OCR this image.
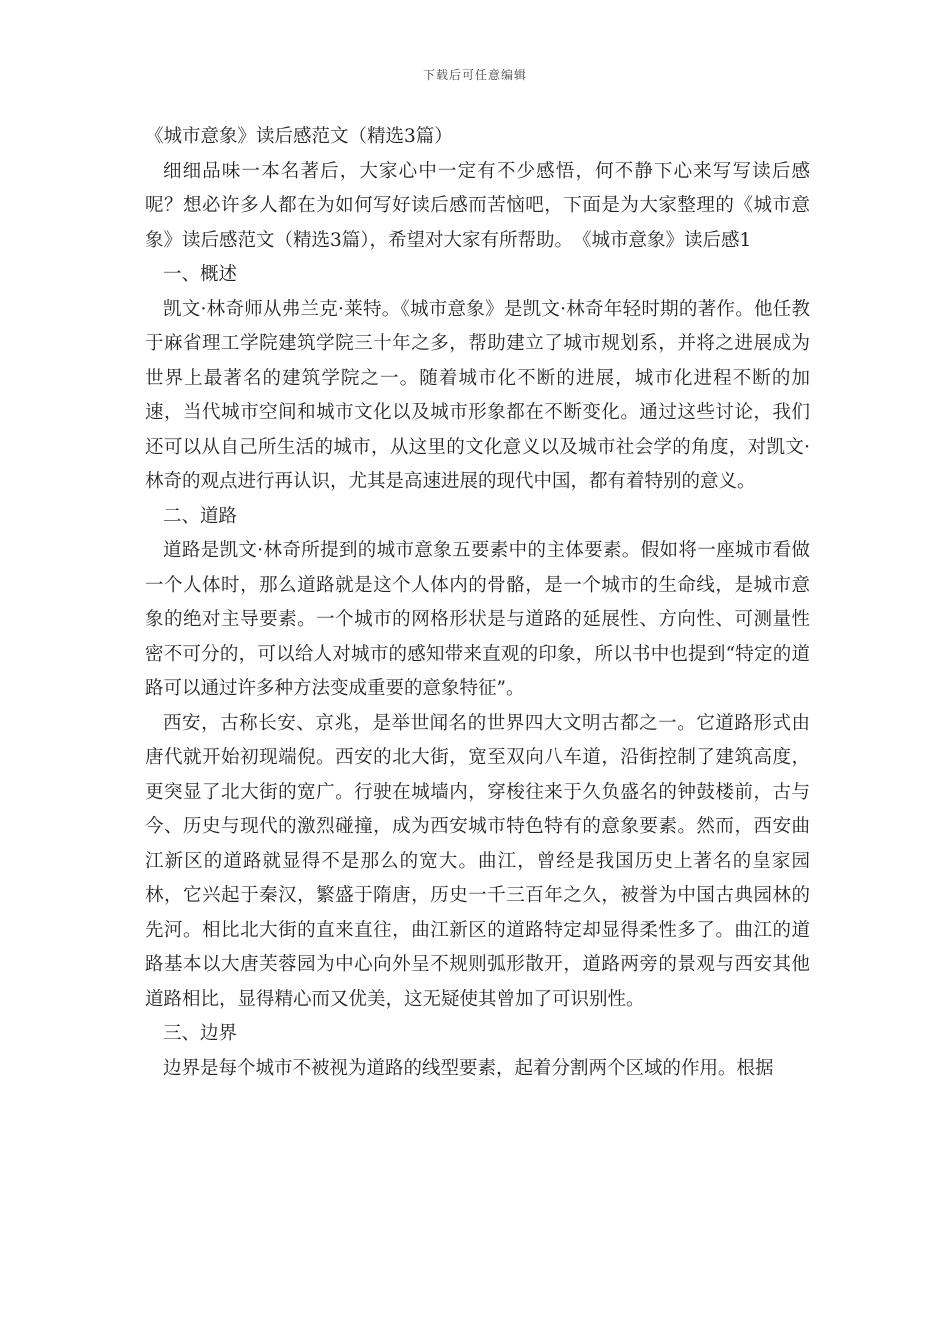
下载后可任意编辑

《城市意象》读后感范文（精选3篇）

细细品味一本名著后，大家心中一定有不少感悟，何不静下心来写写读后感呢？想必许多人都在为如何写好读后感而苦恼吧，下面是为大家整理的《城市意象》读后感范文（精选3篇），希望对大家有所帮助。　《城市意象》读后感1

一、概述

凯文·林奇师从弗兰克·莱特。《城市意象》是凯文·林奇年轻时期的著作。他任教于麻省理工学院建筑学院三十年之多，帮助建立了城市规划系，并将之进展成为世界上最著名的建筑学院之一。随着城市化不断的进展，城市化进程不断的加速，当代城市空间和城市文化以及城市形象都在不断变化。通过这些讨论，我们还可以从自己所生活的城市，从这里的文化意义以及城市社会学的角度，对凯文·林奇的观点进行再认识，尤其是高速进展的现代中国，都有着特别的意义。

二、道路

道路是凯文·林奇所提到的城市意象五要素中的主体要素。假如将一座城市看做一个人体时，那么道路就是这个人体内的骨骼，是一个城市的生命线，是城市意象的绝对主导要素。一个城市的网格形状是与道路的延展性、方向性、可测量性密不可分的，可以给人对城市的感知带来直观的印象，所以书中也提到“特定的道路可以通过许多种方法变成重要的意象特征”。

西安，古称长安、京兆，是举世闻名的世界四大文明古都之一。它道路形式由唐代就开始初现端倪。西安的北大街，宽至双向八车道，沿街控制了建筑高度，更突显了北大街的宽广。行驶在城墙内，穿梭往来于久负盛名的钟鼓楼前，古与今、历史与现代的激烈碰撞，成为西安城市特色特有的意象要素。然而，西安曲江新区的道路就显得不是那么的宽大。曲江，曾经是我国历史上著名的皇家园林，它兴起于秦汉，繁盛于隋唐，历史一千三百年之久，被誉为中国古典园林的先河。相比北大街的直来直往，曲江新区的道路特定却显得柔性多了。曲江的道路基本以大唐芙蓉园为中心向外呈不规则弧形散开，道路两旁的景观与西安其他道路相比，显得精心而又优美，这无疑使其曾加了可识别性。

三、边界

边界是每个城市不被视为道路的线型要素，起着分割两个区域的作用。根据
